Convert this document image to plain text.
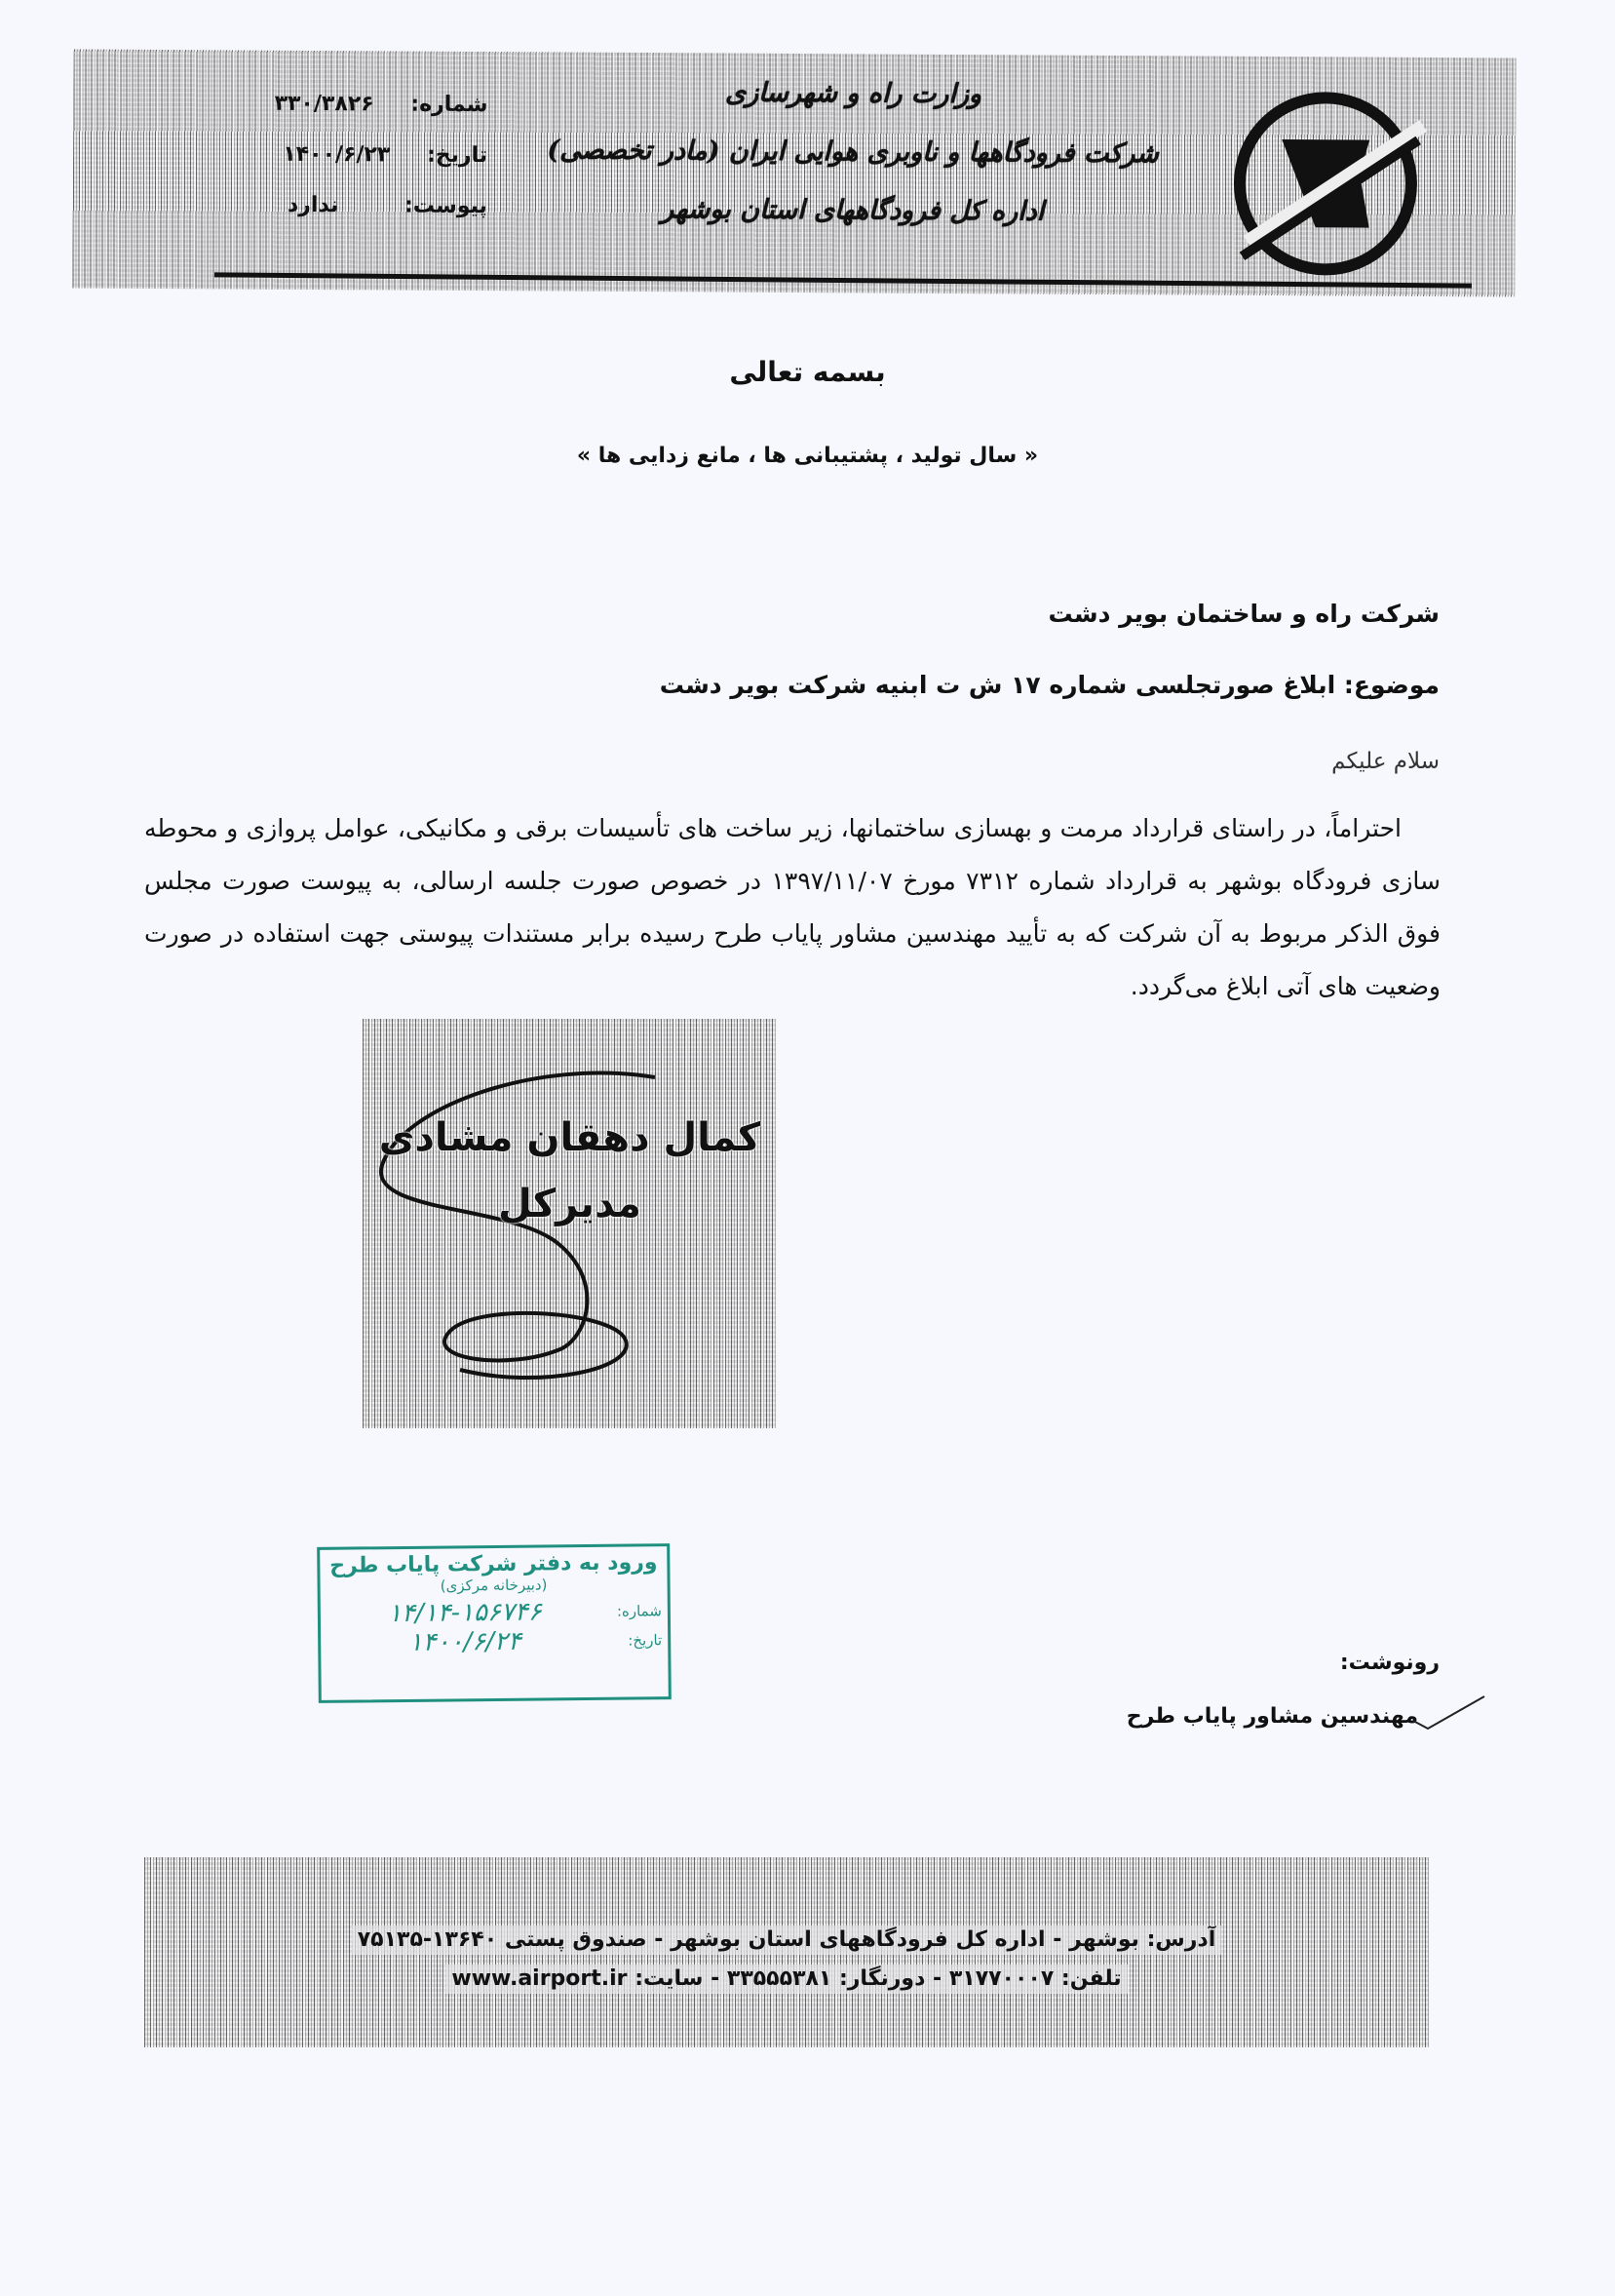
وزارت راه و شهرسازی
شرکت فرودگاهها و ناوبری هوایی ایران (مادر تخصصی)
اداره کل فرودگاههای استان بوشهر
شماره: ۳۳۰/۳۸۲۶
تاریخ: ۱۴۰۰/۶/۲۳
پیوست: ندارد
بسمه تعالی
« سال تولید ، پشتیبانی ها ، مانع زدایی ها »
شرکت راه و ساختمان بویر دشت
موضوع: ابلاغ صورتجلسی شماره ۱۷ ش ت ابنیه شرکت بویر دشت
سلام علیکم
احتراماً، در راستای قرارداد مرمت و بهسازی ساختمانها، زیر ساخت های تأسیسات برقی و مکانیکی، عوامل پروازی و محوطه سازی فرودگاه بوشهر به قرارداد شماره ۷۳۱۲ مورخ ۱۳۹۷/۱۱/۰۷ در خصوص صورت جلسه ارسالی، به پیوست صورت مجلس فوق الذکر مربوط به آن شرکت که به تأیید مهندسین مشاور پایاب طرح رسیده برابر مستندات پیوستی جهت استفاده در صورت وضعیت های آتی ابلاغ می‌گردد.
کمال دهقان مشادی
مدیرکل
ورود به دفتر شرکت پایاب طرح
(دبیرخانه مرکزی)
شماره:
۱۴/۱۴-۱۵۶۷۴۶
تاریخ:
۱۴۰۰/۶/۲۴
رونوشت:
مهندسین مشاور پایاب طرح
آدرس: بوشهر - اداره کل فرودگاههای استان بوشهر - صندوق پستی ۱۳۶۴۰-۷۵۱۳۵
تلفن: ۳۱۷۷۰۰۰۷ - دورنگار: ۳۳۵۵۵۳۸۱ - سایت: www.airport.ir
